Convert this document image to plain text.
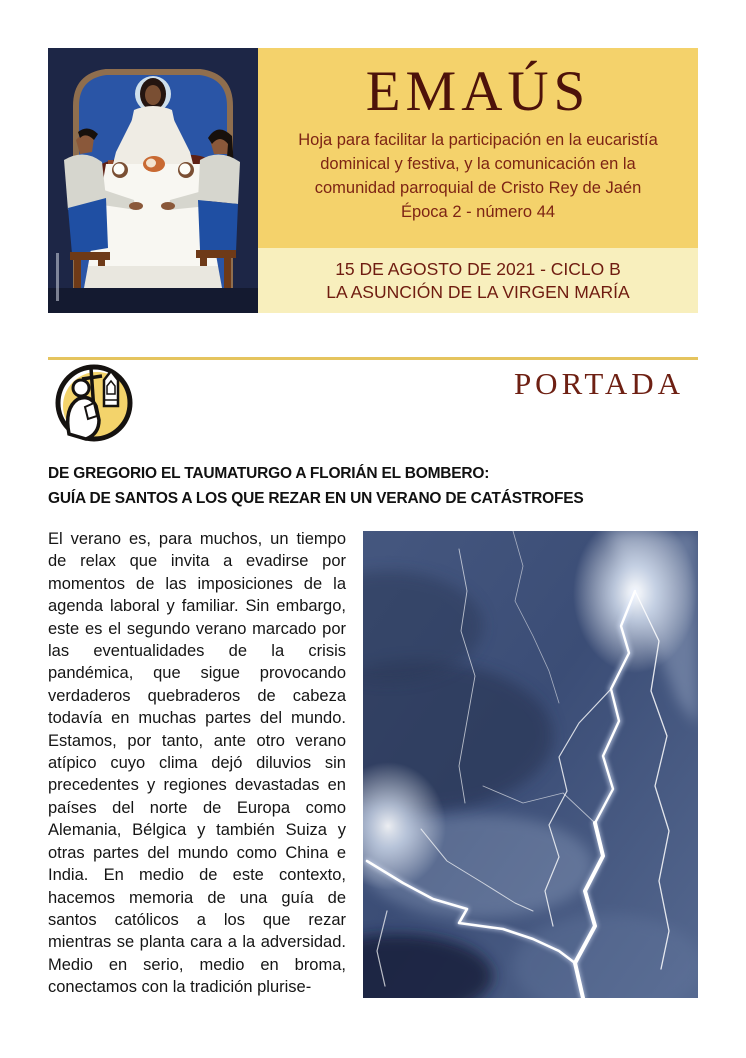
EMAÚS
Hoja para facilitar la participación en la eucaristía
dominical y festiva, y la comunicación en la
comunidad parroquial de Cristo Rey de Jaén
Época 2 - número 44
15 DE AGOSTO DE 2021 - CICLO B
LA ASUNCIÓN DE LA VIRGEN MARÍA
PORTADA
DE GREGORIO EL TAUMATURGO A FLORIÁN EL BOMBERO:
GUÍA DE SANTOS A LOS QUE REZAR EN UN VERANO DE CATÁSTROFES
El verano es, para muchos, un tiempo de relax que invita a evadirse por momentos de las imposiciones de la agenda laboral y familiar. Sin embargo, este es el segundo verano marcado por las eventualidades de la crisis pandémica, que sigue provocando verdaderos quebraderos de cabeza todavía en muchas partes del mundo. Estamos, por tanto, ante otro verano atípico cuyo clima dejó diluvios sin precedentes y regiones devastadas en países del norte de Europa como Alemania, Bélgica y también Suiza y otras partes del mundo como China e India. En medio de este contexto, hacemos memoria de una guía de santos católicos a los que rezar mientras se planta cara a la adversidad. Medio en serio, medio en broma, conectamos con la tradición plurise-
